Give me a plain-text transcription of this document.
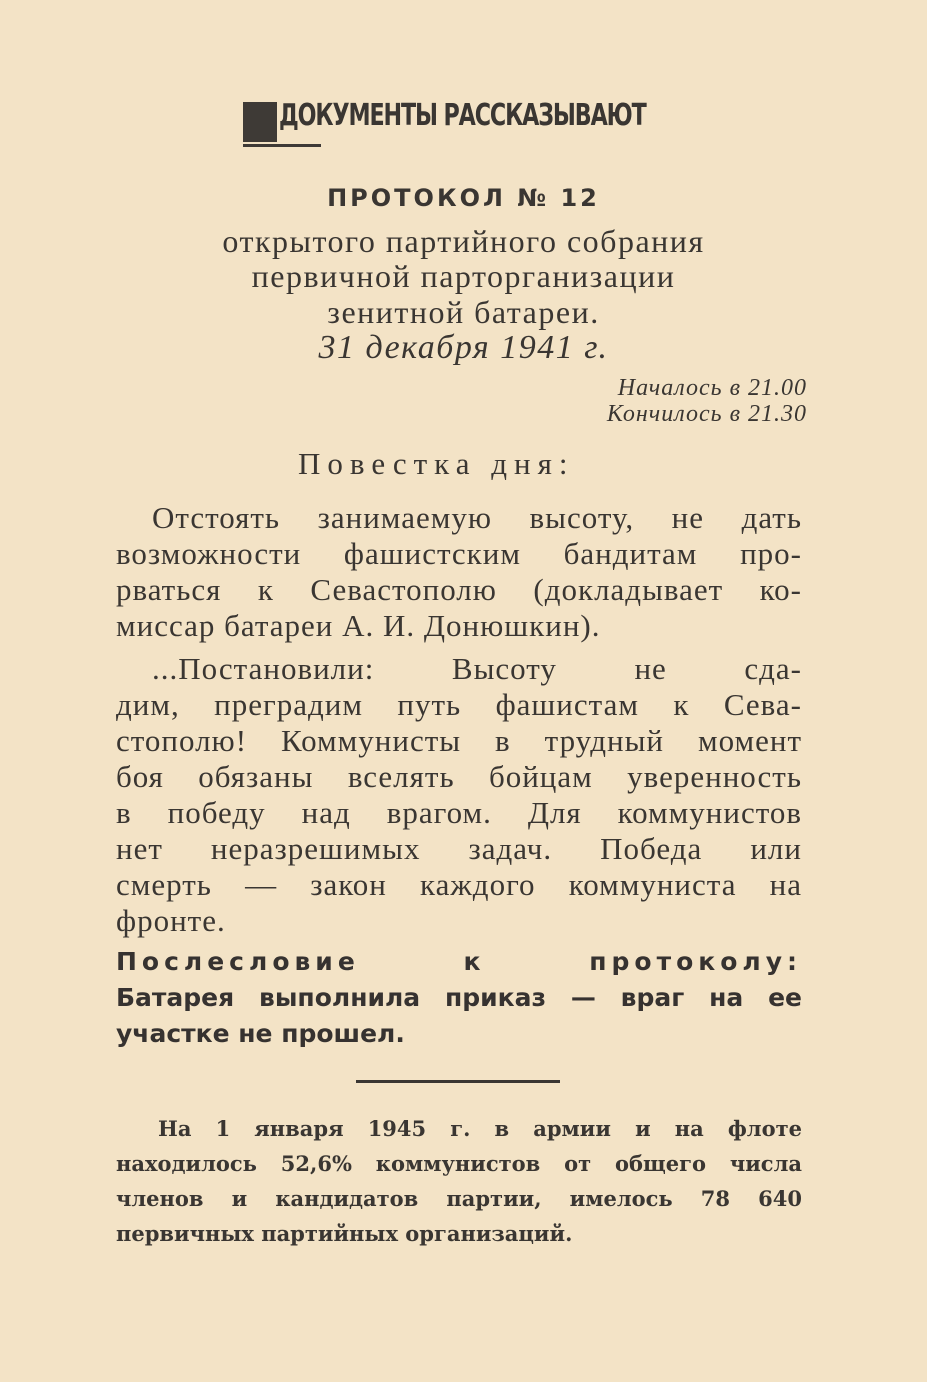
ДОКУМЕНТЫ РАССКАЗЫВАЮТ
ПРОТОКОЛ № 12
открытого партийного собрания
первичной парторганизации
зенитной батареи.
31 декабря 1941 г.
Началось в 21.00
Кончилось в 21.30
Повестка дня:
Отстоять занимаемую высоту, не дать
возможности фашистским бандитам про-
рваться к Севастополю (докладывает ко-
миссар батареи А. И. Донюшкин).
...Постановили: Высоту не сда-
дим, преградим путь фашистам к Сева-
стополю! Коммунисты в трудный момент
боя обязаны вселять бойцам уверенность
в победу над врагом. Для коммунистов
нет неразрешимых задач. Победа или
смерть — закон каждого коммуниста на
фронте.
Послесловие к протоколу:
Батарея выполнила приказ — враг на ее
участке не прошел.
На 1 января 1945 г. в армии и на флоте
находилось 52,6% коммунистов от общего числа
членов и кандидатов партии, имелось 78 640
первичных партийных организаций.
